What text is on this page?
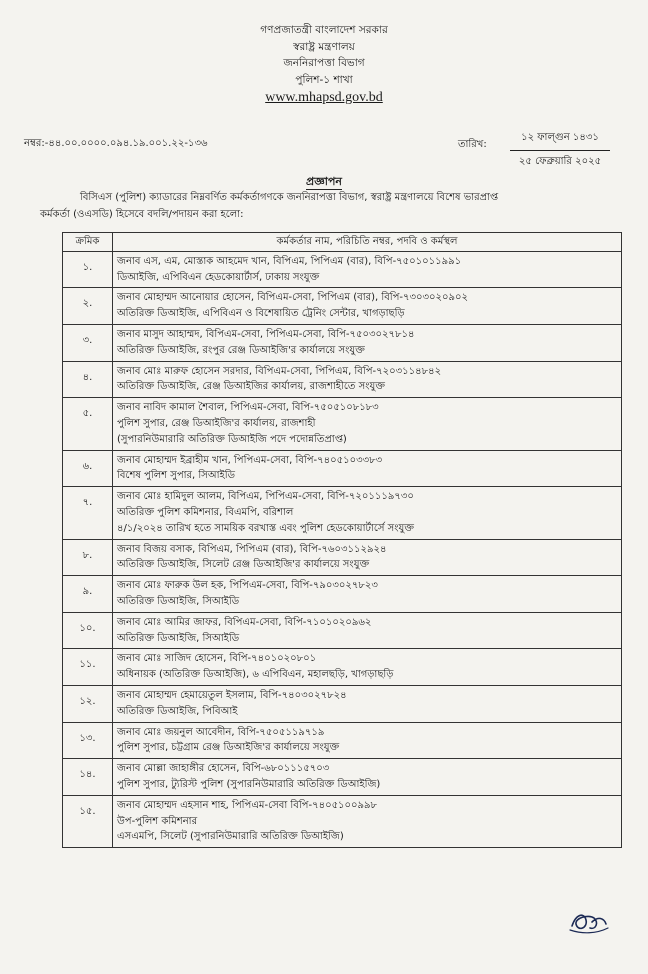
গণপ্রজাতন্ত্রী বাংলাদেশ সরকার
স্বরাষ্ট্র মন্ত্রণালয়
জননিরাপত্তা বিভাগ
পুলিশ-১ শাখা
www.mhapsd.gov.bd
নম্বর:-৪৪.০০.০০০০.০৯৪.১৯.০০১.২২-১৩৬	তারিখ:
১২ ফাল্গুন ১৪৩১
২৫ ফেব্রুয়ারি ২০২৫
প্রজ্ঞাপন
বিসিএস (পুলিশ) ক্যাডারের নিম্নবর্ণিত কর্মকর্তাগণকে জননিরাপত্তা বিভাগ, স্বরাষ্ট্র মন্ত্রণালয়ে বিশেষ ভারপ্রাপ্ত
কর্মকর্তা (ওএসডি) হিসেবে বদলি/পদায়ন করা হলো:
ক্রমিক	কর্মকর্তার নাম, পরিচিতি নম্বর, পদবি ও কর্মস্থল
১.	জনাব এস, এম, মোস্তাক আহমেদ খান, বিপিএম, পিপিএম (বার), বিপি-৭৫০১০১১৯৯১
ডিআইজি, এপিবিএন হেডকোয়ার্টার্স, ঢাকায় সংযুক্ত

২.	জনাব মোহাম্মদ আনোয়ার হোসেন, বিপিএম-সেবা, পিপিএম (বার), বিপি-৭৩০৩০২০৯০২
অতিরিক্ত ডিআইজি, এপিবিএন ও বিশেষায়িত ট্রেনিং সেন্টার, খাগড়াছড়ি

৩.	জনাব মাসুদ আহাম্মদ, বিপিএম-সেবা, পিপিএম-সেবা, বিপি-৭৫০৩০২৭৮১৪
অতিরিক্ত ডিআইজি, রংপুর রেঞ্জ ডিআইজি'র কার্যালয়ে সংযুক্ত

৪.	জনাব মোঃ মারুফ হোসেন সরদার, বিপিএম-সেবা, পিপিএম, বিপি-৭২০৩১১৪৮৪২
অতিরিক্ত ডিআইজি, রেঞ্জ ডিআইজির কার্যালয়, রাজশাহীতে সংযুক্ত

৫.	জনাব নাবিদ কামাল শৈবাল, পিপিএম-সেবা, বিপি-৭৫০৫১০৮১৮৩
পুলিশ সুপার, রেঞ্জ ডিআইজি'র কার্যালয়, রাজশাহী
(সুপারনিউমারারি অতিরিক্ত ডিআইজি পদে পদোন্নতিপ্রাপ্ত)

৬.	জনাব মোহাম্মদ ইব্রাহীম খান, পিপিএম-সেবা, বিপি-৭৪০৫১০৩৩৮৩
বিশেষ পুলিশ সুপার, সিআইডি

৭.	জনাব মোঃ হামিদুল আলম, বিপিএম, পিপিএম-সেবা, বিপি-৭২০১১১৯৭৩০
অতিরিক্ত পুলিশ কমিশনার, বিএমপি, বরিশাল
৪/১/২০২৪ তারিখ হতে সাময়িক বরখাস্ত এবং পুলিশ হেডকোয়ার্টার্সে সংযুক্ত

৮.	জনাব বিজয় বসাক, বিপিএম, পিপিএম (বার), বিপি-৭৬০৩১১২৯২৪
অতিরিক্ত ডিআইজি, সিলেট রেঞ্জ ডিআইজি'র কার্যালয়ে সংযুক্ত

৯.	জনাব মোঃ ফারুক উল হক, পিপিএম-সেবা, বিপি-৭৯০৩০২৭৮২৩
অতিরিক্ত ডিআইজি, সিআইডি

১০.	জনাব মোঃ আমির জাফর, বিপিএম-সেবা, বিপি-৭১০১০২০৯৬২
অতিরিক্ত ডিআইজি, সিআইডি

১১.	জনাব মোঃ সাজিদ হোসেন, বিপি-৭৪০১০২০৮০১
অধিনায়ক (অতিরিক্ত ডিআইজি), ৬ এপিবিএন, মহালছড়ি, খাগড়াছড়ি

১২.	জনাব মোহাম্মদ হেমায়েতুল ইসলাম, বিপি-৭৪০৩০২৭৮২৪
অতিরিক্ত ডিআইজি, পিবিআই

১৩.	জনাব মোঃ জয়নুল আবেদীন, বিপি-৭৫০৫১১৯৭১৯
পুলিশ সুপার, চট্টগ্রাম রেঞ্জ ডিআইজি'র কার্যালয়ে সংযুক্ত

১৪.	জনাব মোল্লা জাহাঙ্গীর হোসেন, বিপি-৬৮০১১১৫৭০৩
পুলিশ সুপার, ট্যুরিস্ট পুলিশ (সুপারনিউমারারি অতিরিক্ত ডিআইজি)

১৫.	জনাব মোহাম্মদ এহসান শাহ, পিপিএম-সেবা বিপি-৭৪০৫১০০৯৯৮
উপ-পুলিশ কমিশনার
এসএমপি, সিলেট (সুপারনিউমারারি অতিরিক্ত ডিআইজি)
